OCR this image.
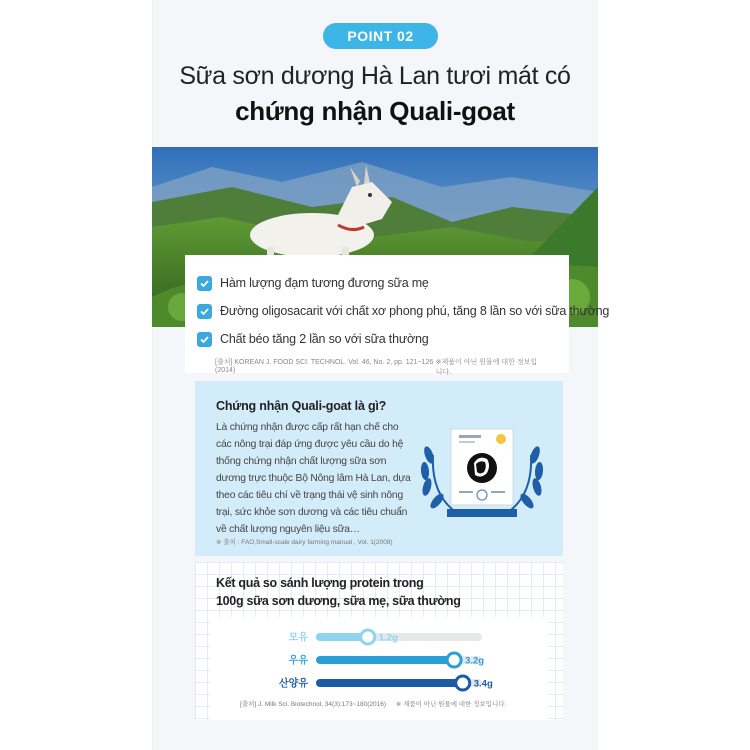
POINT 02
Sữa sơn dương Hà Lan tươi mát có
chứng nhận Quali-goat
Hàm lượng đạm tương đương sữa mẹ
Đường oligosacarit với chất xơ phong phú, tăng 8 lần so với sữa thường
Chất béo tăng 2 lần so với sữa thường
[출처] KOREAN J. FOOD SCI. TECHNOL. Vol. 46, No. 2, pp. 121~126 (2014)
※제품이 아닌 원물에 대한 정보입니다.
Chứng nhận Quali-goat là gì?
Là chứng nhận được cấp rất hạn chế cho các nông trại đáp ứng được yêu cầu do hệ thống chứng nhận chất lượng sữa sơn dương trực thuộc Bộ Nông lâm Hà Lan, dựa theo các tiêu chí về trạng thái vệ sinh nông trại, sức khỏe sơn dương và các tiêu chuẩn về chất lượng nguyên liệu sữa…
※ 출처 : FAO,Small-scale dairy farming manual , Vol. 1(2008)
Kết quả so sánh lượng protein trong
100g sữa sơn dương, sữa mẹ, sữa thường
모유	1.2g
우유	3.2g
산양유	3.4g
[출처] J. Milk Sci. Biotechnol, 34(3):173~180(2016) ※ 제품이 아닌 원물에 대한 정보입니다.
